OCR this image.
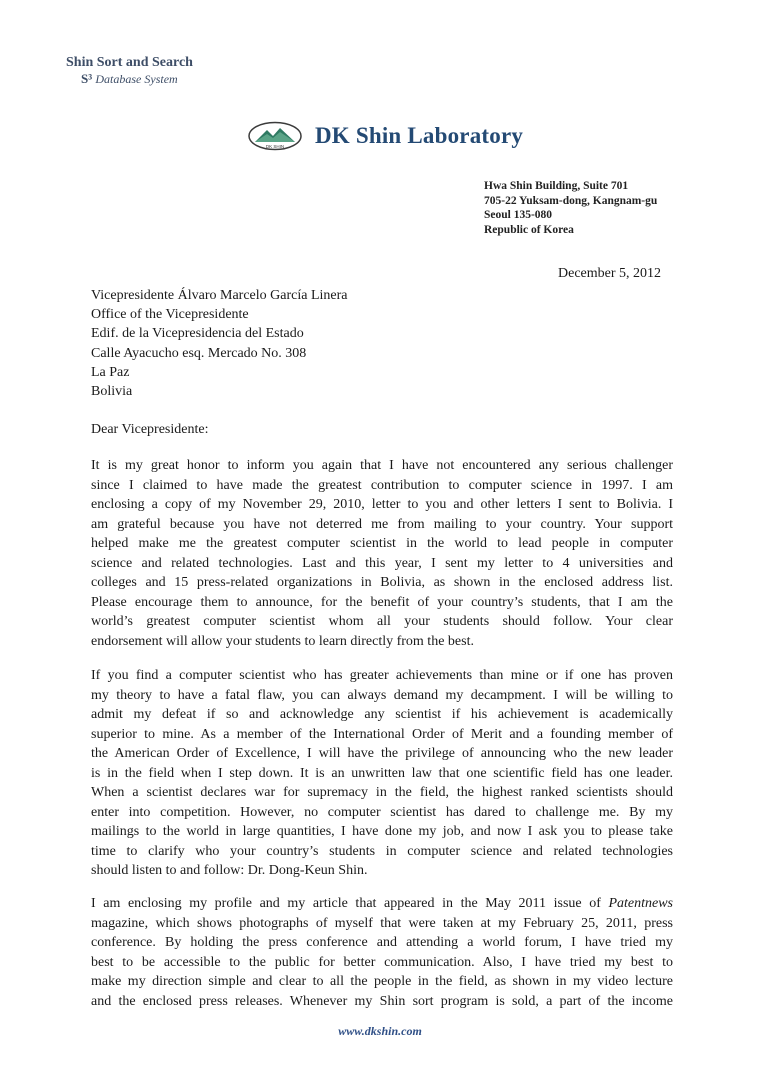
Shin Sort and Search
S³ Database System
DK SHIN DK Shin Laboratory
Hwa Shin Building, Suite 701
705-22 Yuksam-dong, Kangnam-gu
Seoul 135-080
Republic of Korea
December 5, 2012
Vicepresidente Álvaro Marcelo García Linera
Office of the Vicepresidente
Edif. de la Vicepresidencia del Estado
Calle Ayacucho esq. Mercado No. 308
La Paz
Bolivia
Dear Vicepresidente:
It is my great honor to inform you again that I have not encountered any serious challenger
since I claimed to have made the greatest contribution to computer science in 1997. I am
enclosing a copy of my November 29, 2010, letter to you and other letters I sent to Bolivia. I
am grateful because you have not deterred me from mailing to your country. Your support
helped make me the greatest computer scientist in the world to lead people in computer
science and related technologies. Last and this year, I sent my letter to 4 universities and
colleges and 15 press-related organizations in Bolivia, as shown in the enclosed address list.
Please encourage them to announce, for the benefit of your country’s students, that I am the
world’s greatest computer scientist whom all your students should follow. Your clear
endorsement will allow your students to learn directly from the best.
If you find a computer scientist who has greater achievements than mine or if one has proven
my theory to have a fatal flaw, you can always demand my decampment. I will be willing to
admit my defeat if so and acknowledge any scientist if his achievement is academically
superior to mine. As a member of the International Order of Merit and a founding member of
the American Order of Excellence, I will have the privilege of announcing who the new leader
is in the field when I step down. It is an unwritten law that one scientific field has one leader.
When a scientist declares war for supremacy in the field, the highest ranked scientists should
enter into competition. However, no computer scientist has dared to challenge me. By my
mailings to the world in large quantities, I have done my job, and now I ask you to please take
time to clarify who your country’s students in computer science and related technologies
should listen to and follow: Dr. Dong-Keun Shin.
I am enclosing my profile and my article that appeared in the May 2011 issue of Patentnews
magazine, which shows photographs of myself that were taken at my February 25, 2011, press
conference. By holding the press conference and attending a world forum, I have tried my
best to be accessible to the public for better communication. Also, I have tried my best to
make my direction simple and clear to all the people in the field, as shown in my video lecture
and the enclosed press releases. Whenever my Shin sort program is sold, a part of the income
www.dkshin.com
